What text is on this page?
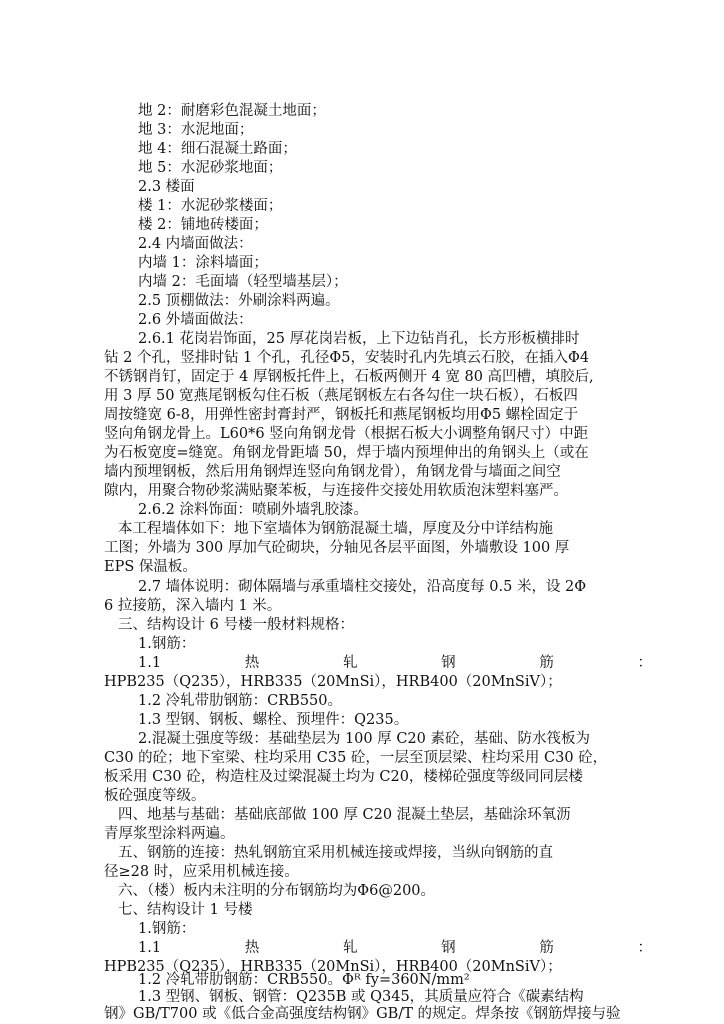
地 2：耐磨彩色混凝土地面；
地 3：水泥地面；
地 4：细石混凝土路面；
地 5：水泥砂浆地面；
2.3 楼面
楼 1：水泥砂浆楼面；
楼 2：铺地砖楼面；
2.4 内墙面做法：
内墙 1：涂料墙面；
内墙 2：毛面墙（轻型墙基层）；
2.5 顶棚做法：外刷涂料两遍。
2.6 外墙面做法：
2.6.1 花岗岩饰面，25 厚花岗岩板，上下边钻肖孔，长方形板横排时
钻 2 个孔，竖排时钻 1 个孔，孔径Φ5，安装时孔内先填云石胶，在插入Φ4
不锈钢肖钉，固定于 4 厚钢板托件上，石板两侧开 4 宽 80 高凹槽，填胶后,
用 3 厚 50 宽燕尾钢板勾住石板（燕尾钢板左右各勾住一块石板），石板四
周按缝宽 6-8，用弹性密封膏封严，钢板托和燕尾钢板均用Φ5 螺栓固定于
竖向角钢龙骨上。L60*6 竖向角钢龙骨（根据石板大小调整角钢尺寸）中距
为石板宽度=缝宽。角钢龙骨距墙 50，焊于墙内预埋伸出的角钢头上（或在
墙内预埋钢板，然后用角钢焊连竖向角钢龙骨），角钢龙骨与墙面之间空
隙内，用聚合物砂浆满贴聚苯板，与连接件交接处用软质泡沫塑料塞严。
2.6.2 涂料饰面：喷刷外墙乳胶漆。
本工程墙体如下：地下室墙体为钢筋混凝土墙，厚度及分中详结构施
工图；外墙为 300 厚加气砼砌块，分轴见各层平面图，外墙敷设 100 厚
EPS 保温板。
2.7 墙体说明：砌体隔墙与承重墙柱交接处，沿高度每 0.5 米，设 2Φ
6 拉接筋，深入墙内 1 米。
三、结构设计 6 号楼一般材料规格：
1.钢筋：
1.1	热	轧	钢	筋	：
HPB235（Q235），HRB335（20MnSi），HRB400（20MnSiV）；
1.2 冷轧带肋钢筋：CRB550。
1.3 型钢、钢板、螺栓、预埋件：Q235。
2.混凝土强度等级：基础垫层为 100 厚 C20 素砼，基础、防水筏板为
C30 的砼；地下室梁、柱均采用 C35 砼，一层至顶层梁、柱均采用 C30 砼，
板采用 C30 砼，构造柱及过梁混凝土均为 C20，楼梯砼强度等级同同层楼
板砼强度等级。
四、地基与基础：基础底部做 100 厚 C20 混凝土垫层，基础涂环氧沥
青厚浆型涂料两遍。
五、钢筋的连接：热轧钢筋宜采用机械连接或焊接，当纵向钢筋的直
径≥28 时，应采用机械连接。
六、（楼）板内未注明的分布钢筋均为Φ6@200。
七、结构设计 1 号楼
1.钢筋：
1.1	热	轧	钢	筋	：
HPB235（Q235），HRB335（20MnSi），HRB400（20MnSiV）；
1.2 冷轧带肋钢筋：CRB550。Φᴿ fy=360N/mm²
1.3 型钢、钢板、钢管：Q235B 或 Q345，其质量应符合《碳素结构
钢》GB/T700 或《低合金高强度结构钢》GB/T 的规定。焊条按《钢筋焊接与验
